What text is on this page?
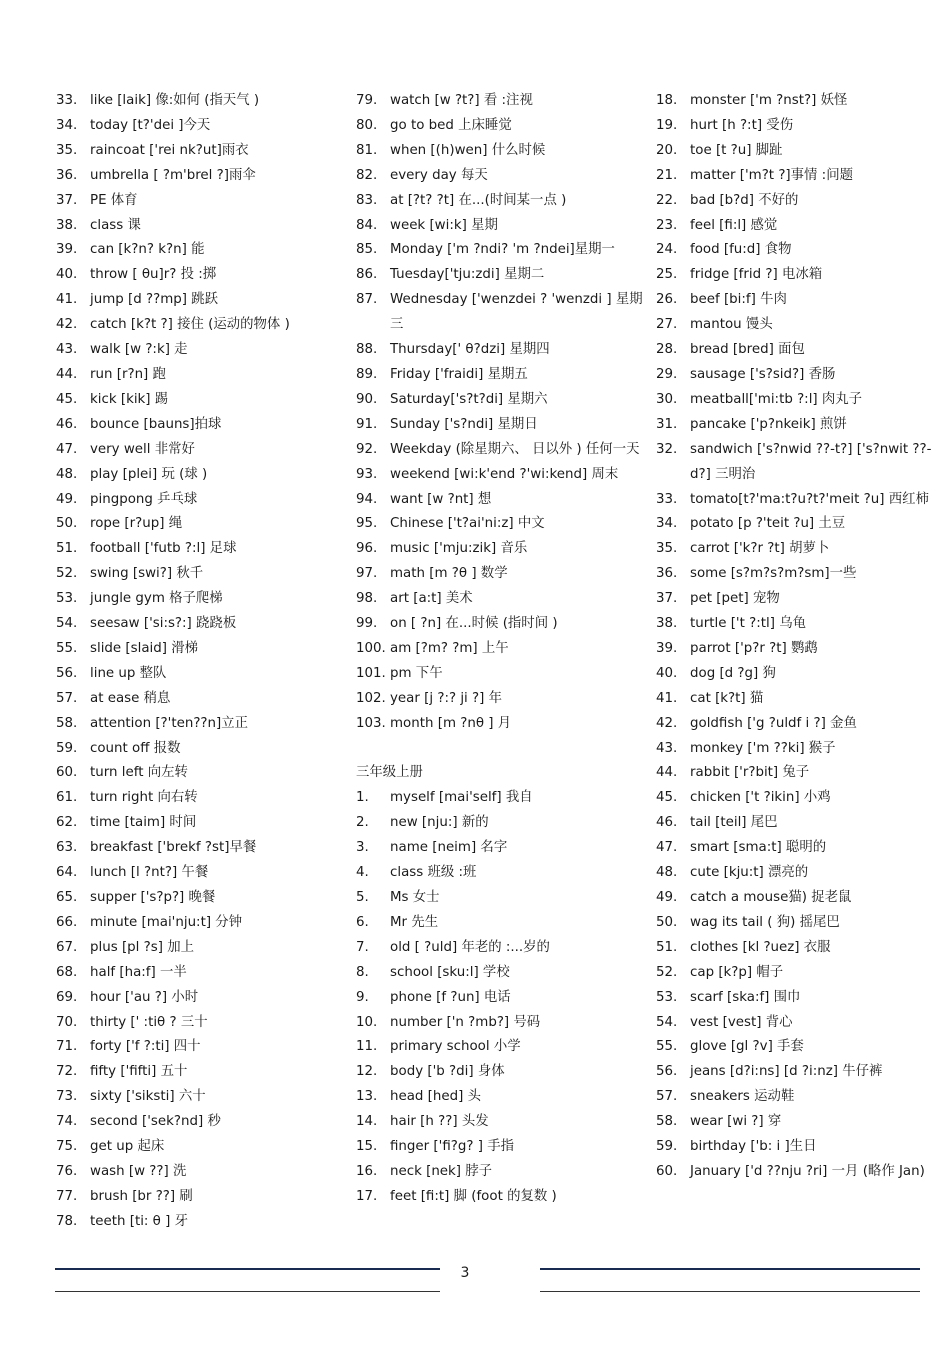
33. like [laik] 像:如何 (指天气 )
34. today [t?'dei ]今天
35. raincoat ['rei nk?ut]雨衣
36. umbrella [ ?m'brel ?]雨伞
37. PE 体育
38. class 课
39. can [k?n? k?n] 能
40. throw [ θu]r? 投 :掷
41. jump [d ??mp] 跳跃
42. catch [k?t ?] 接住 (运动的物体 )
43. walk [w ?:k] 走
44. run [r?n] 跑
45. kick [kik] 踢
46. bounce [bauns]拍球
47. very well 非常好
48. play [plei] 玩 (球 )
49. pingpong 乒乓球
50. rope [r?up] 绳
51. football ['futb ?:l] 足球
52. swing [swi?] 秋千
53. jungle gym 格子爬梯
54. seesaw ['si:s?:] 跷跷板
55. slide [slaid] 滑梯
56. line up 整队
57. at ease 稍息
58. attention [?'ten??n]立正
59. count off 报数
60. turn left 向左转
61. turn right 向右转
62. time [taim] 时间
63. breakfast ['brekf ?st]早餐
64. lunch [l ?nt?] 午餐
65. supper ['s?p?] 晚餐
66. minute [mai'nju:t] 分钟
67. plus [pl ?s] 加上
68. half [ha:f] 一半
69. hour ['au ?] 小时
70. thirty [' :tiθ ? 三十
71. forty ['f ?:ti] 四十
72. fifty ['fifti] 五十
73. sixty ['siksti] 六十
74. second ['sek?nd] 秒
75. get up 起床
76. wash [w ??] 洗
77. brush [br ??] 刷
78. teeth [ti: θ ] 牙
79. watch [w ?t?] 看 :注视
80. go to bed 上床睡觉
81. when [(h)wen] 什么时候
82. every day 每天
83. at [?t? ?t] 在...(时间某一点 )
84. week [wi:k] 星期
85. Monday ['m ?ndi? 'm ?ndei]星期一
86. Tuesday['tju:zdi] 星期二
87. Wednesday ['wenzdei ? 'wenzdi ] 星期三
88. Thursday[' θ?dzi] 星期四
89. Friday ['fraidi] 星期五
90. Saturday['s?t?di] 星期六
91. Sunday ['s?ndi] 星期日
92. Weekday (除星期六、 日以外 ) 任何一天
93. weekend [wi:k'end ?'wi:kend] 周末
94. want [w ?nt] 想
95. Chinese ['t?ai'ni:z] 中文
96. music ['mju:zik] 音乐
97. math [m ?θ ] 数学
98. art [a:t] 美术
99. on [ ?n] 在...时候 (指时间 )
100. am [?m? ?m] 上午
101. pm 下午
102. year [j ?:? ji ?] 年
103. month [m ?nθ ] 月
三年级上册
1.	myself [mai'self] 我自
2.	new [nju:] 新的
3.	name [neim] 名字
4.	class 班级 :班
5.	Ms 女士
6.	Mr 先生
7.	old [ ?uld] 年老的 :...岁的
8.	school [sku:l] 学校
9.	phone [f ?un] 电话
10. number ['n ?mb?] 号码
11. primary school 小学
12. body ['b ?di] 身体
13. head [hed] 头
14. hair [h ??] 头发
15. finger ['fi?g? ] 手指
16. neck [nek] 脖子
17. feet [fi:t] 脚 (foot 的复数 )
18. monster ['m ?nst?] 妖怪
19. hurt [h ?:t] 受伤
20. toe [t ?u] 脚趾
21. matter ['m?t ?]事情 :问题
22. bad [b?d] 不好的
23. feel [fi:l] 感觉
24. food [fu:d] 食物
25. fridge [frid ?] 电冰箱
26. beef [bi:f] 牛肉
27. mantou 馒头
28. bread [bred] 面包
29. sausage ['s?sid?] 香肠
30. meatball['mi:tb ?:l] 肉丸子
31. pancake ['p?nkeik] 煎饼
32. sandwich ['s?nwid ??-t?] ['s?nwit ??-d?] 三明治
33. tomato[t?'ma:t?u?t?'meit ?u] 西红柿
34. potato [p ?'teit ?u] 土豆
35. carrot ['k?r ?t] 胡萝卜
36. some [s?m?s?m?sm]一些
37. pet [pet] 宠物
38. turtle ['t ?:tl] 乌龟
39. parrot ['p?r ?t] 鹦鹉
40. dog [d ?g] 狗
41. cat [k?t] 猫
42. goldfish ['g ?uldf i ?] 金鱼
43. monkey ['m ??ki] 猴子
44. rabbit ['r?bit] 兔子
45. chicken ['t ?ikin] 小鸡
46. tail [teil] 尾巴
47. smart [sma:t] 聪明的
48. cute [kju:t] 漂亮的
49. catch a mouse猫) 捉老鼠
50. wag its tail ( 狗) 摇尾巴
51. clothes [kl ?uez] 衣服
52. cap [k?p] 帽子
53. scarf [ska:f] 围巾
54. vest [vest] 背心
55. glove [gl ?v] 手套
56. jeans [d?i:ns] [d ?i:nz] 牛仔裤
57. sneakers 运动鞋
58. wear [wi ?] 穿
59. birthday ['b: i ]生日
60. January ['d ??nju ?ri] 一月 (略作 Jan)
3
